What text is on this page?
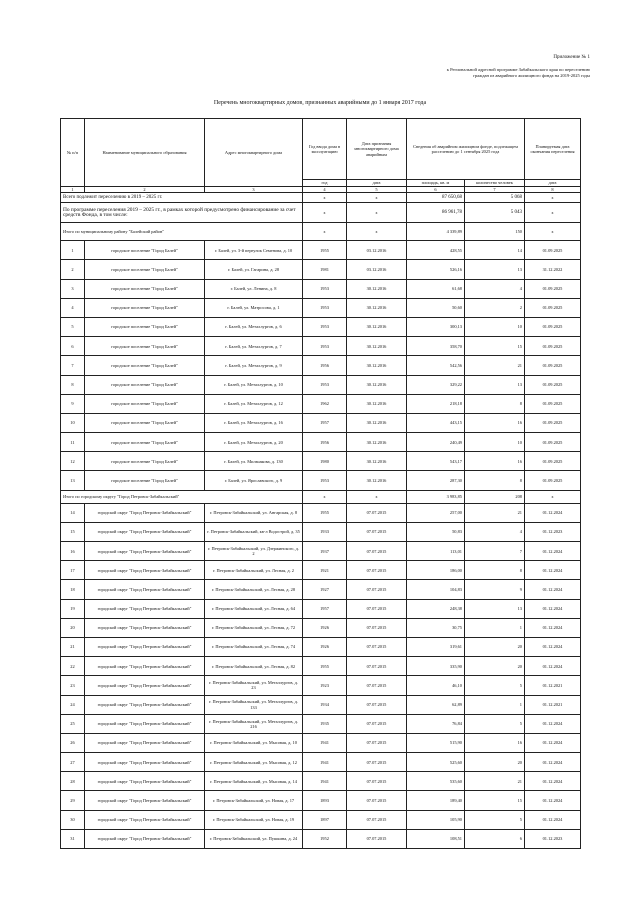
Приложение № 1
к Региональной адресной программе Забайкальского края по переселению
граждан из аварийного жилищного фонда на 2019-2025 годы
Перечень многоквартирных домов, признанных аварийными до 1 января 2017 года
№ п/п	Наименование муниципального образования	Адрес многоквартирного дома	Год ввода дома в эксплуатацию	Дата признания многоквартирного дома аварийным	Сведения об аварийном жилищном фонде, подлежащем расселению до 1 сентября 2025 года		Планируемая дата окончания переселения
			год	дата	площадь, кв. м	количество человек	дата
1	2	3	4	5	6	7	8
Всего подлежит переселению в 2019 – 2025 гг.			x	x	87 650,68	5 068	x
По программе переселения 2019 – 2025 гг., в рамках которой предусмотрено финансирование за счет средств Фонда, в том числе:			x	x	86 961,78	5 043	x
Итого по муниципальному району "Балейский район"			x	x	4 339,89	150	x
1	городское поселение "Город Балей"	г. Балей, ул. 3-й переулок Семенова, д. 10	1955	03.12.2016	428,55	14	01.09.2025
2	городское поселение "Город Балей"	г. Балей, ул. Гагарина, д. 28	1981	03.12.2016	526,16	13	31.12.2022
3	городское поселение "Город Балей"	г. Балей, ул. Ленина, д. 8	1953	30.12.2016	61,68	4	01.09.2025
4	городское поселение "Город Балей"	г. Балей, ул. Матросова, д. 1	1953	30.12.2016	50,60	2	01.09.2025
5	городское поселение "Город Балей"	г. Балей, ул. Металлургов, д. 6	1953	30.12.2016	300,13	10	01.09.2025
6	городское поселение "Город Балей"	г. Балей, ул. Металлургов, д. 7	1953	30.12.2016	358,70	15	01.09.2025
7	городское поселение "Город Балей"	г. Балей, ул. Металлургов, д. 9	1956	30.12.2016	542,56	21	01.09.2025
8	городское поселение "Город Балей"	г. Балей, ул. Металлургов, д. 10	1953	30.12.2016	329,22	13	01.09.2025
9	городское поселение "Город Балей"	г. Балей, ул. Металлургов, д. 12	1962	30.12.2016	218,18	8	01.09.2025
10	городское поселение "Город Балей"	г. Балей, ул. Металлургов, д. 16	1957	30.12.2016	443,15	16	01.09.2025
11	городское поселение "Город Балей"	г. Балей, ул. Металлургов, д. 20	1956	30.12.2016	240,49	10	01.09.2025
12	городское поселение "Город Балей"	г. Балей, ул. Мильчакова, д. 130	1980	30.12.2016	543,17	16	01.09.2025
13	городское поселение "Город Балей"	г. Балей, ул. Ярославского, д. 9	1953	30.12.2016	287,30	8	01.09.2025
Итого по городскому округу "Город Петровск-Забайкальский"			x	x	3 983,85	208	x
14	городской округ "Город Петровск-Забайкальский"	г. Петровск-Забайкальский, ул. Ангарская, д. 8	1955	07.07.2015	257,00	21	01.12.2024
15	городской округ "Город Петровск-Забайкальский"	г. Петровск-Забайкальский, кв-л Водострой, д. 35	1933	07.07.2015	50,83	4	01.12.2023
16	городской округ "Город Петровск-Забайкальский"	г. Петровск-Забайкальский, ул. Дзержинского, д. 2	1937	07.07.2015	113,01	7	01.12.2024
17	городской округ "Город Петровск-Забайкальский"	г. Петровск-Забайкальский, ул. Лесная, д. 2	1921	07.07.2015	186,00	8	01.12.2024
18	городской округ "Город Петровск-Забайкальский"	г. Петровск-Забайкальский, ул. Лесная, д. 28	1927	07.07.2015	104,83	9	01.12.2024
19	городской округ "Город Петровск-Забайкальский"	г. Петровск-Забайкальский, ул. Лесная, д. 64	1957	07.07.2015	248,38	13	01.12.2024
20	городской округ "Город Петровск-Забайкальский"	г. Петровск-Забайкальский, ул. Лесная, д. 72	1926	07.07.2015	30,75	1	01.12.2024
21	городской округ "Город Петровск-Забайкальский"	г. Петровск-Забайкальский, ул. Лесная, д. 74	1926	07.07.2015	319,61	20	01.12.2024
22	городской округ "Город Петровск-Забайкальский"	г. Петровск-Забайкальский, ул. Лесная, д. 82	1955	07.07.2015	335,90	20	01.12.2024
23	городской округ "Город Петровск-Забайкальский"	г. Петровск-Забайкальский, ул. Металлургов, д. 23	1923	07.07.2015	46,10	5	01.12.2021
24	городской округ "Город Петровск-Забайкальский"	г. Петровск-Забайкальский, ул. Металлургов, д. 133	1934	07.07.2015	62,89	1	01.12.2021
25	городской округ "Город Петровск-Забайкальский"	г. Петровск-Забайкальский, ул. Металлургов, д. 216	1935	07.07.2015	76,84	5	01.12.2024
26	городской округ "Город Петровск-Забайкальский"	г. Петровск-Забайкальский, ул. Мысовая, д. 10	1941	07.07.2015	515,90	16	01.12.2024
27	городской округ "Город Петровск-Забайкальский"	г. Петровск-Забайкальский, ул. Мысовая, д. 12	1941	07.07.2015	525,60	20	01.12.2024
28	городской округ "Город Петровск-Забайкальский"	г. Петровск-Забайкальский, ул. Мысовая, д. 14	1941	07.07.2015	535,60	21	01.12.2024
29	городской округ "Город Петровск-Забайкальский"	г. Петровск-Забайкальский, ул. Новая, д. 17	1893	07.07.2015	189,40	15	01.12.2024
30	городской округ "Город Петровск-Забайкальский"	г. Петровск-Забайкальский, ул. Новая, д. 19	1897	07.07.2015	105,90	5	01.12.2024
31	городской округ "Город Петровск-Забайкальский"	г. Петровск-Забайкальский, ул. Пушкина, д. 24	1952	07.07.2015	108,51	6	01.12.2023
